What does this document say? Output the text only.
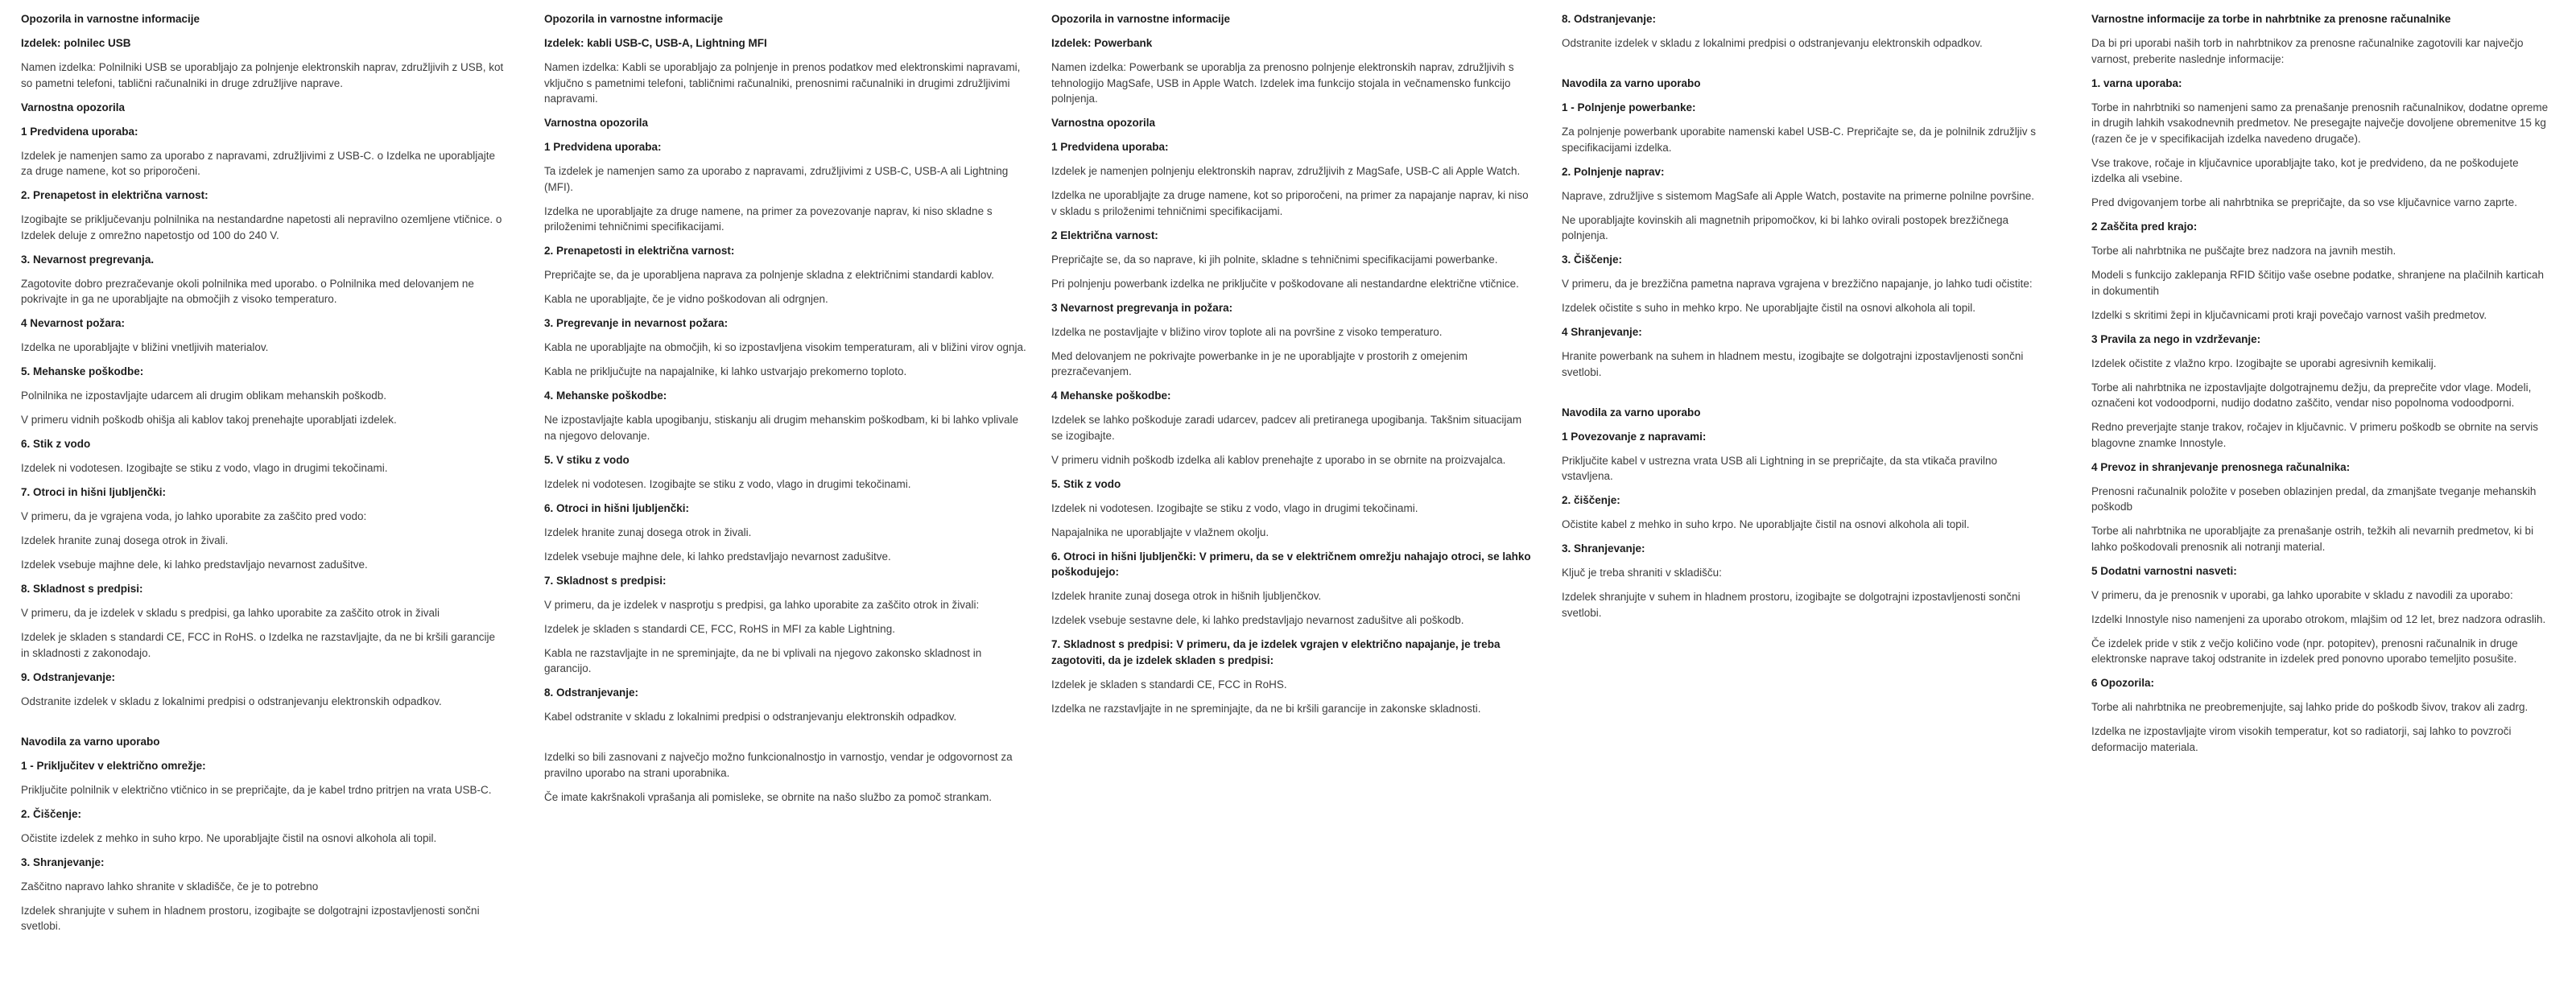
Opozorila in varnostne informacije
Izdelek: polnilec USB

Namen izdelka: Polnilniki USB se uporabljajo za polnjenje elektronskih naprav, združljivih z USB, kot so pametni telefoni, tablični računalniki in druge združljive naprave.

Varnostna opozorila
1 Predvidena uporaba:

Izdelek je namenjen samo za uporabo z napravami, združljivimi z USB-C. o Izdelka ne uporabljajte za druge namene, kot so priporočeni.

2. Prenapetost in električna varnost:

Izogibajte se priključevanju polnilnika na nestandardne napetosti ali nepravilno ozemljene vtičnice. o Izdelek deluje z omrežno napetostjo od 100 do 240 V.

3. Nevarnost pregrevanja.

Zagotovite dobro prezračevanje okoli polnilnika med uporabo. o Polnilnika med delovanjem ne pokrivajte in ga ne uporabljajte na območjih z visoko temperaturo.

4 Nevarnost požara:

Izdelka ne uporabljajte v bližini vnetljivih materialov.

5. Mehanske poškodbe:

Polnilnika ne izpostavljajte udarcem ali drugim oblikam mehanskih poškodb.

V primeru vidnih poškodb ohišja ali kablov takoj prenehajte uporabljati izdelek.

6. Stik z vodo

Izdelek ni vodotesen. Izogibajte se stiku z vodo, vlago in drugimi tekočinami.

7. Otroci in hišni ljubljenčki:

V primeru, da je vgrajena voda, jo lahko uporabite za zaščito pred vodo:

Izdelek hranite zunaj dosega otrok in živali.

Izdelek vsebuje majhne dele, ki lahko predstavljajo nevarnost zadušitve.

8. Skladnost s predpisi:

V primeru, da je izdelek v skladu s predpisi, ga lahko uporabite za zaščito otrok in živali

Izdelek je skladen s standardi CE, FCC in RoHS. o Izdelka ne razstavljajte, da ne bi kršili garancije in skladnosti z zakonodajo.

9. Odstranjevanje:

Odstranite izdelek v skladu z lokalnimi predpisi o odstranjevanju elektronskih odpadkov.

Navodila za varno uporabo
1 - Priključitev v električno omrežje:

Priključite polnilnik v električno vtičnico in se prepričajte, da je kabel trdno pritrjen na vrata USB-C.

2. Čiščenje:

Očistite izdelek z mehko in suho krpo. Ne uporabljajte čistil na osnovi alkohola ali topil.

3. Shranjevanje:

Zaščitno napravo lahko shranite v skladišče, če je to potrebno

Izdelek shranjujte v suhem in hladnem prostoru, izogibajte se dolgotrajni izpostavljenosti sončni svetlobi.

Opozorila in varnostne informacije
Izdelek: kabli USB-C, USB-A, Lightning MFI

Namen izdelka: Kabli se uporabljajo za polnjenje in prenos podatkov med elektronskimi napravami, vključno s pametnimi telefoni, tabličnimi računalniki, prenosnimi računalniki in drugimi združljivimi napravami.

Varnostna opozorila
1 Predvidena uporaba:

Ta izdelek je namenjen samo za uporabo z napravami, združljivimi z USB-C, USB-A ali Lightning (MFI).

Izdelka ne uporabljajte za druge namene, na primer za povezovanje naprav, ki niso skladne s priloženimi tehničnimi specifikacijami.

2. Prenapetosti in električna varnost:

Prepričajte se, da je uporabljena naprava za polnjenje skladna z električnimi standardi kablov.

Kabla ne uporabljajte, če je vidno poškodovan ali odrgnjen.

3. Pregrevanje in nevarnost požara:

Kabla ne uporabljajte na območjih, ki so izpostavljena visokim temperaturam, ali v bližini virov ognja.

Kabla ne priključujte na napajalnike, ki lahko ustvarjajo prekomerno toploto.

4. Mehanske poškodbe:

Ne izpostavljajte kabla upogibanju, stiskanju ali drugim mehanskim poškodbam, ki bi lahko vplivale na njegovo delovanje.

5. V stiku z vodo

Izdelek ni vodotesen. Izogibajte se stiku z vodo, vlago in drugimi tekočinami.

6. Otroci in hišni ljubljenčki:

Izdelek hranite zunaj dosega otrok in živali.

Izdelek vsebuje majhne dele, ki lahko predstavljajo nevarnost zadušitve.

7. Skladnost s predpisi:

V primeru, da je izdelek v nasprotju s predpisi, ga lahko uporabite za zaščito otrok in živali:

Izdelek je skladen s standardi CE, FCC, RoHS in MFI za kable Lightning.

Kabla ne razstavljajte in ne spreminjajte, da ne bi vplivali na njegovo zakonsko skladnost in garancijo.

8. Odstranjevanje:

Kabel odstranite v skladu z lokalnimi predpisi o odstranjevanju elektronskih odpadkov.

Izdelki so bili zasnovani z največjo možno funkcionalnostjo in varnostjo, vendar je odgovornost za pravilno uporabo na strani uporabnika.

Če imate kakršnakoli vprašanja ali pomisleke, se obrnite na našo službo za pomoč strankam.

Opozorila in varnostne informacije
Izdelek: Powerbank

Namen izdelka: Powerbank se uporablja za prenosno polnjenje elektronskih naprav, združljivih s tehnologijo MagSafe, USB in Apple Watch. Izdelek ima funkcijo stojala in večnamensko funkcijo polnjenja.

Varnostna opozorila
1 Predvidena uporaba:

Izdelek je namenjen polnjenju elektronskih naprav, združljivih z MagSafe, USB-C ali Apple Watch.

Izdelka ne uporabljajte za druge namene, kot so priporočeni, na primer za napajanje naprav, ki niso v skladu s priloženimi tehničnimi specifikacijami.

2 Električna varnost:

Prepričajte se, da so naprave, ki jih polnite, skladne s tehničnimi specifikacijami powerbanke.

Pri polnjenju powerbank izdelka ne priključite v poškodovane ali nestandardne električne vtičnice.

3 Nevarnost pregrevanja in požara:

Izdelka ne postavljajte v bližino virov toplote ali na površine z visoko temperaturo.

Med delovanjem ne pokrivajte powerbanke in je ne uporabljajte v prostorih z omejenim prezračevanjem.

4 Mehanske poškodbe:

Izdelek se lahko poškoduje zaradi udarcev, padcev ali pretiranega upogibanja. Takšnim situacijam se izogibajte.

V primeru vidnih poškodb izdelka ali kablov prenehajte z uporabo in se obrnite na proizvajalca.

5. Stik z vodo

Izdelek ni vodotesen. Izogibajte se stiku z vodo, vlago in drugimi tekočinami.

Napajalnika ne uporabljajte v vlažnem okolju.

6. Otroci in hišni ljubljenčki: V primeru, da se v električnem omrežju nahajajo otroci, se lahko poškodujejo:

Izdelek hranite zunaj dosega otrok in hišnih ljubljenčkov.

Izdelek vsebuje sestavne dele, ki lahko predstavljajo nevarnost zadušitve ali poškodb.

7. Skladnost s predpisi: V primeru, da je izdelek vgrajen v električno napajanje, je treba zagotoviti, da je izdelek skladen s predpisi:

Izdelek je skladen s standardi CE, FCC in RoHS.

Izdelka ne razstavljajte in ne spreminjajte, da ne bi kršili garancije in zakonske skladnosti.

8. Odstranjevanje:

Odstranite izdelek v skladu z lokalnimi predpisi o odstranjevanju elektronskih odpadkov.

Navodila za varno uporabo
1 - Polnjenje powerbanke:

Za polnjenje powerbank uporabite namenski kabel USB-C. Prepričajte se, da je polnilnik združljiv s specifikacijami izdelka.

2. Polnjenje naprav:

Naprave, združljive s sistemom MagSafe ali Apple Watch, postavite na primerne polnilne površine.

Ne uporabljajte kovinskih ali magnetnih pripomočkov, ki bi lahko ovirali postopek brezžičnega polnjenja.

3. Čiščenje:

V primeru, da je brezžična pametna naprava vgrajena v brezžično napajanje, jo lahko tudi očistite:

Izdelek očistite s suho in mehko krpo. Ne uporabljajte čistil na osnovi alkohola ali topil.

4 Shranjevanje:

Hranite powerbank na suhem in hladnem mestu, izogibajte se dolgotrajni izpostavljenosti sončni svetlobi.

Navodila za varno uporabo
1 Povezovanje z napravami:

Priključite kabel v ustrezna vrata USB ali Lightning in se prepričajte, da sta vtikača pravilno vstavljena.

2. čiščenje:

Očistite kabel z mehko in suho krpo. Ne uporabljajte čistil na osnovi alkohola ali topil.

3. Shranjevanje:

Ključ je treba shraniti v skladišču:

Izdelek shranjujte v suhem in hladnem prostoru, izogibajte se dolgotrajni izpostavljenosti sončni svetlobi.

Varnostne informacije za torbe in nahrbtnike za prenosne računalnike

Da bi pri uporabi naših torb in nahrbtnikov za prenosne računalnike zagotovili kar največjo varnost, preberite naslednje informacije:

1. varna uporaba:

Torbe in nahrbtniki so namenjeni samo za prenašanje prenosnih računalnikov, dodatne opreme in drugih lahkih vsakodnevnih predmetov. Ne presegajte največje dovoljene obremenitve 15 kg (razen če je v specifikacijah izdelka navedeno drugače).

Vse trakove, ročaje in ključavnice uporabljajte tako, kot je predvideno, da ne poškodujete izdelka ali vsebine.

Pred dvigovanjem torbe ali nahrbtnika se prepričajte, da so vse ključavnice varno zaprte.

2 Zaščita pred krajo:

Torbe ali nahrbtnika ne puščajte brez nadzora na javnih mestih.

Modeli s funkcijo zaklepanja RFID ščitijo vaše osebne podatke, shranjene na plačilnih karticah in dokumentih

Izdelki s skritimi žepi in ključavnicami proti kraji povečajo varnost vaših predmetov.

3 Pravila za nego in vzdrževanje:

Izdelek očistite z vlažno krpo. Izogibajte se uporabi agresivnih kemikalij.

Torbe ali nahrbtnika ne izpostavljajte dolgotrajnemu dežju, da preprečite vdor vlage. Modeli, označeni kot vodoodporni, nudijo dodatno zaščito, vendar niso popolnoma vodoodporni.

Redno preverjajte stanje trakov, ročajev in ključavnic. V primeru poškodb se obrnite na servis blagovne znamke Innostyle.

4 Prevoz in shranjevanje prenosnega računalnika:

Prenosni računalnik položite v poseben oblazinjen predal, da zmanjšate tveganje mehanskih poškodb

Torbe ali nahrbtnika ne uporabljajte za prenašanje ostrih, težkih ali nevarnih predmetov, ki bi lahko poškodovali prenosnik ali notranji material.

5 Dodatni varnostni nasveti:

V primeru, da je prenosnik v uporabi, ga lahko uporabite v skladu z navodili za uporabo:

Izdelki Innostyle niso namenjeni za uporabo otrokom, mlajšim od 12 let, brez nadzora odraslih.

Če izdelek pride v stik z večjo količino vode (npr. potopitev), prenosni računalnik in druge elektronske naprave takoj odstranite in izdelek pred ponovno uporabo temeljito posušite.

6 Opozorila:

Torbe ali nahrbtnika ne preobremenjujte, saj lahko pride do poškodb šivov, trakov ali zadrg.

Izdelka ne izpostavljajte virom visokih temperatur, kot so radiatorji, saj lahko to povzroči deformacijo materiala.
